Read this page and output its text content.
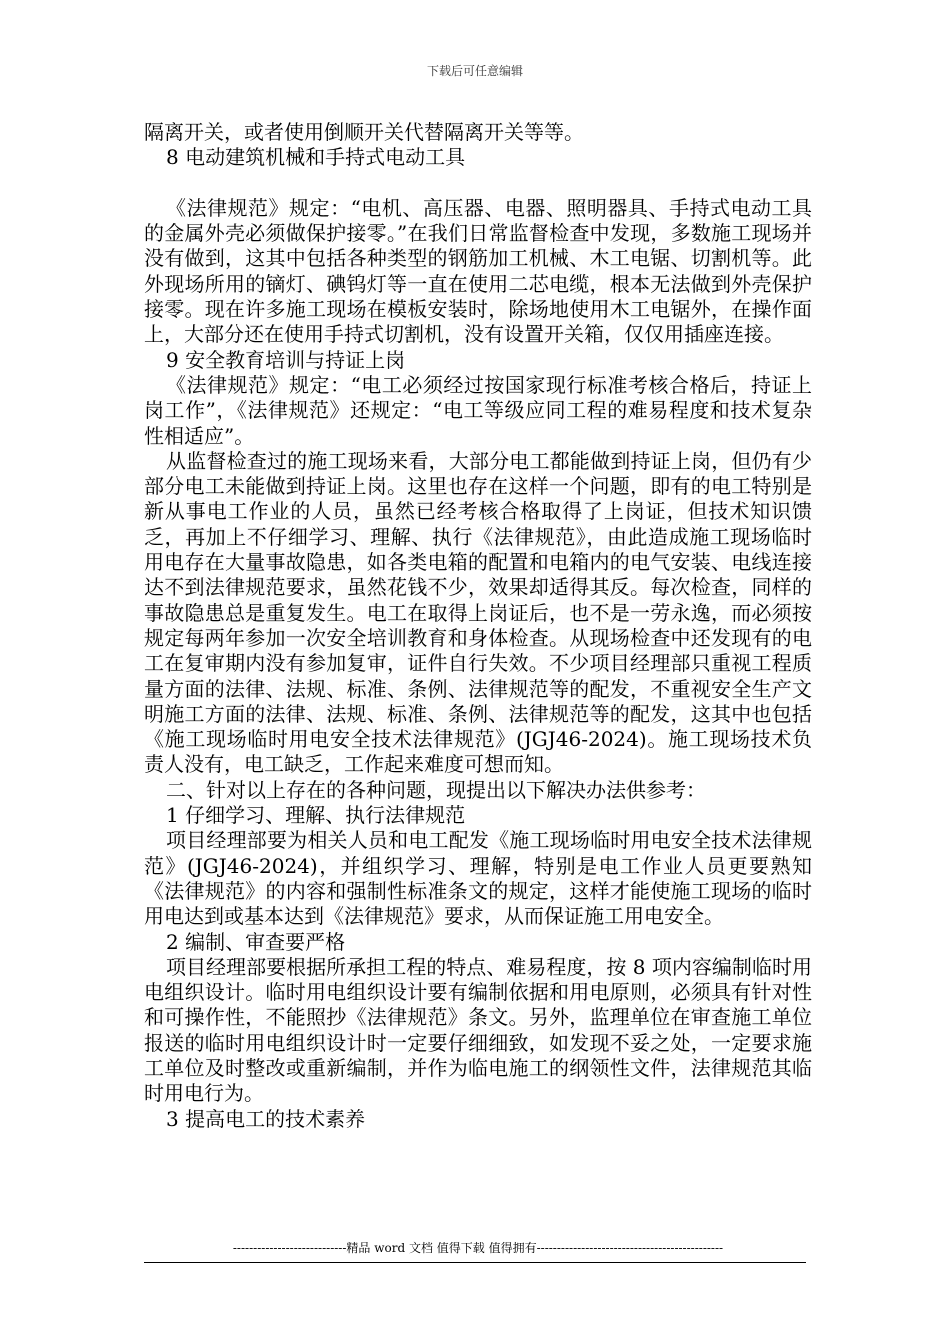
下载后可任意编辑

隔离开关，或者使用倒顺开关代替隔离开关等等。

8 电动建筑机械和手持式电动工具

《法律规范》规定：“电机、高压器、电器、照明器具、手持式电动工具的金属外壳必须做保护接零。”在我们日常监督检查中发现，多数施工现场并没有做到，这其中包括各种类型的钢筋加工机械、木工电锯、切割机等。此外现场所用的镝灯、碘钨灯等一直在使用二芯电缆，根本无法做到外壳保护接零。现在许多施工现场在模板安装时，除场地使用木工电锯外，在操作面上，大部分还在使用手持式切割机，没有设置开关箱，仅仅用插座连接。

9 安全教育培训与持证上岗

《法律规范》规定：“电工必须经过按国家现行标准考核合格后，持证上岗工作”，《法律规范》还规定：“电工等级应同工程的难易程度和技术复杂性相适应”。

从监督检查过的施工现场来看，大部分电工都能做到持证上岗，但仍有少部分电工未能做到持证上岗。这里也存在这样一个问题，即有的电工特别是新从事电工作业的人员，虽然已经考核合格取得了上岗证，但技术知识馈乏，再加上不仔细学习、理解、执行《法律规范》，由此造成施工现场临时用电存在大量事故隐患，如各类电箱的配置和电箱内的电气安装、电线连接达不到法律规范要求，虽然花钱不少，效果却适得其反。每次检查，同样的事故隐患总是重复发生。电工在取得上岗证后，也不是一劳永逸，而必须按规定每两年参加一次安全培训教育和身体检查。从现场检查中还发现有的电工在复审期内没有参加复审，证件自行失效。不少项目经理部只重视工程质量方面的法律、法规、标准、条例、法律规范等的配发，不重视安全生产文明施工方面的法律、法规、标准、条例、法律规范等的配发，这其中也包括《施工现场临时用电安全技术法律规范》(JGJ46-2024)。施工现场技术负责人没有，电工缺乏，工作起来难度可想而知。

二、针对以上存在的各种问题，现提出以下解决办法供参考：

1 仔细学习、理解、执行法律规范

项目经理部要为相关人员和电工配发《施工现场临时用电安全技术法律规范》(JGJ46-2024)，并组织学习、理解，特别是电工作业人员更要熟知《法律规范》的内容和强制性标准条文的规定，这样才能使施工现场的临时用电达到或基本达到《法律规范》要求，从而保证施工用电安全。

2 编制、审查要严格

项目经理部要根据所承担工程的特点、难易程度，按 8 项内容编制临时用电组织设计。临时用电组织设计要有编制依据和用电原则，必须具有针对性和可操作性，不能照抄《法律规范》条文。另外，监理单位在审查施工单位报送的临时用电组织设计时一定要仔细细致，如发现不妥之处，一定要求施工单位及时整改或重新编制，并作为临电施工的纲领性文件，法律规范其临时用电行为。

3 提高电工的技术素养

----------------------------精品 word 文档 值得下载 值得拥有----------------------------------------------
